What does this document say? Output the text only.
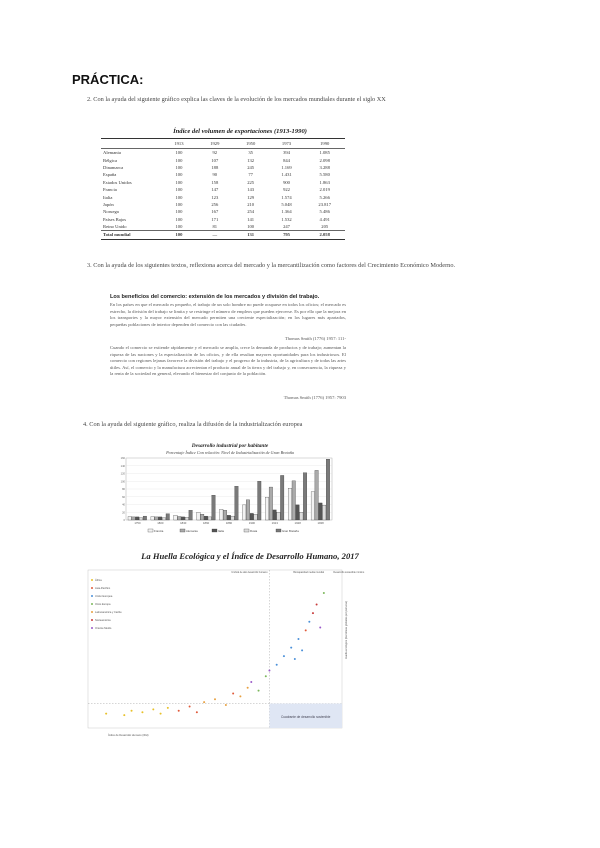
PRÁCTICA:
2. Con la ayuda del siguiente gráfico explica las claves de la evolución de los mercados mundiales durante el siglo XX
Índice del volumen de exportaciones (1913-1990)
	1913	1929	1950	1973	1990
Alemania	100	92	35	394	1.085
Bélgica	100	107	132	844	2.098
Dinamarca	100	188	245	1.169	3.288
España	100	90	77	1.431	5.580
Estados Unidos	100	158	225	900	1.863
Francia	100	147	143	922	2.019
Italia	100	123	129	1.574	5.266
Japón	100	256	210	5.048	23.817
Noruega	100	167	254	1.364	5.486
Países Bajos	100	171	141	1.532	4.491
Reino Unido	100	81	100	247	205
Total mundial	100	—	131	795	2.058
3. Con la ayuda de los siguientes textos, reflexiona acerca del mercado y la mercantilización como factores del Crecimiento Económico Moderno.
Los beneficios del comercio: extensión de los mercados y división del trabajo.
En los países en que el mercado es pequeño, el trabajo de un solo hombre no puede ocuparse en todos los oficios; el mercado es estrecho, la división del trabajo se limita y se restringe el número de empleos que pueden ejercerse. Es por ello que la mejora en los transportes y la mayor extensión del mercado permiten una creciente especialización; en los lugares más apartados, pequeñas poblaciones de interior dependen del comercio con las ciudades.
Thomas Smith (1776) 1957: 111-
Cuando el comercio se extiende rápidamente y el mercado se amplía, crece la demanda de productos y de trabajo; aumentan la riqueza de las naciones y la especialización de los oficios, y de ella resultan mayores oportunidades para los industriosos. El comercio con regiones lejanas favorece la división del trabajo y el progreso de la industria, de la agricultura y de todas las artes útiles. Así, el comercio y la manufactura acrecientan el producto anual de la tierra y del trabajo y, en consecuencia, la riqueza y la renta de la sociedad en general, elevando el bienestar del conjunto de la población.
Thomas Smith (1776) 1957: 7903
4. Con la ayuda del siguiente gráfico, realiza la difusión de la industrialización europea
Desarrollo industrial por habitante
Porcentaje Índice Con relación: Nivel de Industrialización de Gran Bretaña
0
20
40
60
80
100
120
140
160
1750	1800	1830	1860	1880	1900	1913	1928	1938
Francia	Alemania	Italia	Rusia	Gran Bretaña
La Huella Ecológica y el Índice de Desarrollo Humano, 2017
Cuadrante de desarrollo sostenible
Umbral de alto desarrollo humano	Biocapacidad media mundial	Desarrollo sostenible mínimo
África
Asia-Pacífico
Unión Europea
Otros Europa
Latinoamérica y Caribe
Norteamérica
Oriente Medio
Índice de Desarrollo Humano (IDH)
Huella ecológica (hectáreas globales por persona)
